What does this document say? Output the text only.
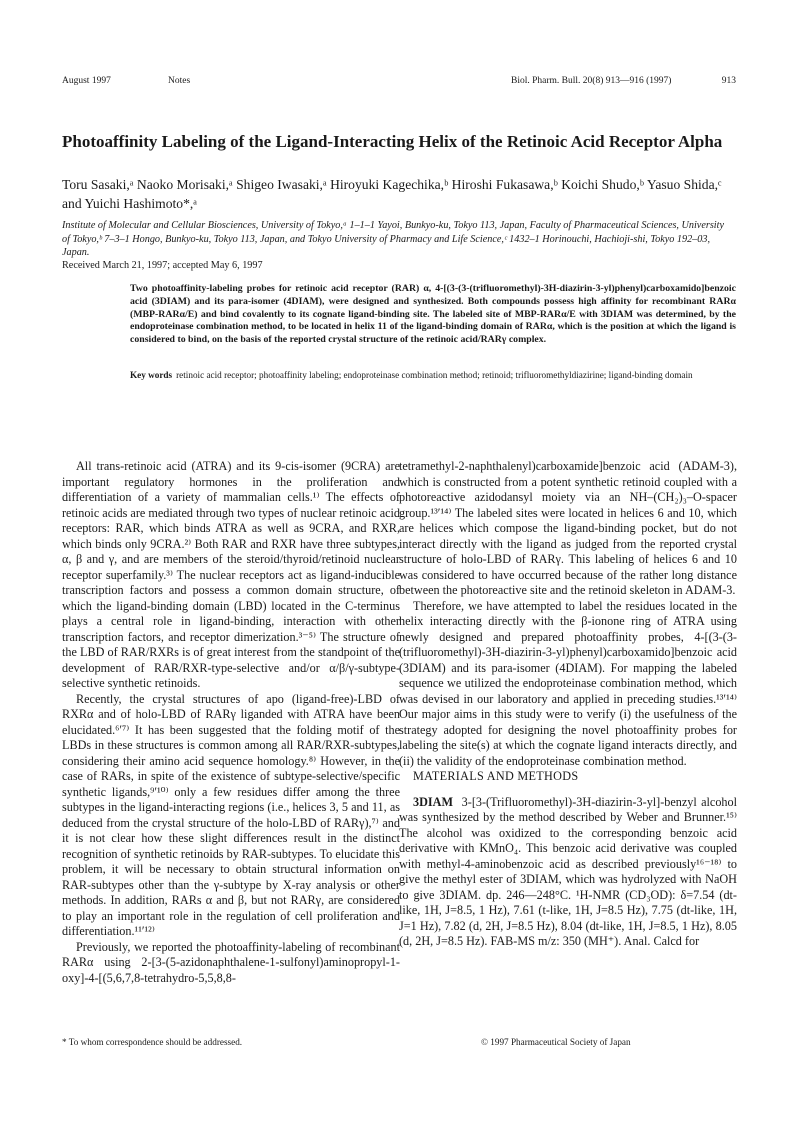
August 1997	Notes	Biol. Pharm. Bull. 20(8) 913—916 (1997)	913
Photoaffinity Labeling of the Ligand-Interacting Helix of the Retinoic Acid Receptor Alpha

Toru Sasaki,ᵃ Naoko Morisaki,ᵃ Shigeo Iwasaki,ᵃ Hiroyuki Kagechika,ᵇ Hiroshi Fukasawa,ᵇ Koichi Shudo,ᵇ Yasuo Shida,ᶜ and Yuichi Hashimoto*,ᵃ

Institute of Molecular and Cellular Biosciences, University of Tokyo,ᵃ 1–1–1 Yayoi, Bunkyo-ku, Tokyo 113, Japan, Faculty of Pharmaceutical Sciences, University of Tokyo,ᵇ 7–3–1 Hongo, Bunkyo-ku, Tokyo 113, Japan, and Tokyo University of Pharmacy and Life Science,ᶜ 1432–1 Horinouchi, Hachioji-shi, Tokyo 192–03, Japan.

Received March 21, 1997; accepted May 6, 1997

Two photoaffinity-labeling probes for retinoic acid receptor (RAR) α, 4-[(3-(3-(trifluoromethyl)-3H-diazirin-3-yl)phenyl)carboxamido]benzoic acid (3DIAM) and its para-isomer (4DIAM), were designed and synthesized. Both compounds possess high affinity for recombinant RARα (MBP-RARα/E) and bind covalently to its cognate ligand-binding site. The labeled site of MBP-RARα/E with 3DIAM was determined, by the endoproteinase combination method, to be located in helix 11 of the ligand-binding domain of RARα, which is the position at which the ligand is considered to bind, on the basis of the reported crystal structure of the retinoic acid/RARγ complex.

Key words retinoic acid receptor; photoaffinity labeling; endoproteinase combination method; retinoid; trifluoromethyldiazirine; ligand-binding domain

All trans-retinoic acid (ATRA) and its 9-cis-isomer (9CRA) are important regulatory hormones in the proliferation and differentiation of a variety of mammalian cells.¹⁾ The effects of retinoic acids are mediated through two types of nuclear retinoic acid receptors: RAR, which binds ATRA as well as 9CRA, and RXR, which binds only 9CRA.²⁾ Both RAR and RXR have three subtypes, α, β and γ, and are members of the steroid/thyroid/retinoid nuclear receptor superfamily.³⁾ The nuclear receptors act as ligand-inducible transcription factors and possess a common domain structure, of which the ligand-binding domain (LBD) located in the C-terminus plays a central role in ligand-binding, interaction with other transcription factors, and receptor dimerization.³⁻⁵⁾ The structure of the LBD of RAR/RXRs is of great interest from the standpoint of the development of RAR/RXR-type-selective and/or α/β/γ-subtype-selective synthetic retinoids.

Recently, the crystal structures of apo (ligand-free)-LBD of RXRα and of holo-LBD of RARγ liganded with ATRA have been elucidated.⁶ʹ⁷⁾ It has been suggested that the folding motif of the LBDs in these structures is common among all RAR/RXR-subtypes, considering their amino acid sequence homology.⁸⁾ However, in the case of RARs, in spite of the existence of subtype-selective/specific synthetic ligands,⁹ʹ¹⁰⁾ only a few residues differ among the three subtypes in the ligand-interacting regions (i.e., helices 3, 5 and 11, as deduced from the crystal structure of the holo-LBD of RARγ),⁷⁾ and it is not clear how these slight differences result in the distinct recognition of synthetic retinoids by RAR-subtypes. To elucidate this problem, it will be necessary to obtain structural information on RAR-subtypes other than the γ-subtype by X-ray analysis or other methods. In addition, RARs α and β, but not RARγ, are considered to play an important role in the regulation of cell proliferation and differentiation.¹¹ʹ¹²⁾

Previously, we reported the photoaffinity-labeling of recombinant RARα using 2-[3-(5-azidonaphthalene-1-sulfonyl)aminopropyl-1-oxy]-4-[(5,6,7,8-tetrahydro-5,5,8,8-

tetramethyl-2-naphthalenyl)carboxamide]benzoic acid (ADAM-3), which is constructed from a potent synthetic retinoid coupled with a photoreactive azidodansyl moiety via an NH–(CH₂)₃–O-spacer group.¹³ʹ¹⁴⁾ The labeled sites were located in helices 6 and 10, which are helices which compose the ligand-binding pocket, but do not interact directly with the ligand as judged from the reported crystal structure of holo-LBD of RARγ. This labeling of helices 6 and 10 was considered to have occurred because of the rather long distance between the photoreactive site and the retinoid skeleton in ADAM-3.

Therefore, we have attempted to label the residues located in the helix interacting directly with the β-ionone ring of ATRA using newly designed and prepared photoaffinity probes, 4-[(3-(3-(trifluoromethyl)-3H-diazirin-3-yl)phenyl)carboxamido]benzoic acid (3DIAM) and its para-isomer (4DIAM). For mapping the labeled sequence we utilized the endoproteinase combination method, which was devised in our laboratory and applied in preceding studies.¹³ʹ¹⁴⁾ Our major aims in this study were to verify (i) the usefulness of the strategy adopted for designing the novel photoaffinity probes for labeling the site(s) at which the cognate ligand interacts directly, and (ii) the validity of the endoproteinase combination method.

MATERIALS AND METHODS

3DIAM 3-[3-(Trifluoromethyl)-3H-diazirin-3-yl]-benzyl alcohol was synthesized by the method described by Weber and Brunner.¹⁵⁾ The alcohol was oxidized to the corresponding benzoic acid derivative with KMnO₄. This benzoic acid derivative was coupled with methyl-4-aminobenzoic acid as described previously¹⁶⁻¹⁸⁾ to give the methyl ester of 3DIAM, which was hydrolyzed with NaOH to give 3DIAM. dp. 246—248°C. ¹H-NMR (CD₃OD): δ=7.54 (dt-like, 1H, J=8.5, 1 Hz), 7.61 (t-like, 1H, J=8.5 Hz), 7.75 (dt-like, 1H, J=1 Hz), 7.82 (d, 2H, J=8.5 Hz), 8.04 (dt-like, 1H, J=8.5, 1 Hz), 8.05 (d, 2H, J=8.5 Hz). FAB-MS m/z: 350 (MH⁺). Anal. Calcd for

* To whom correspondence should be addressed.	© 1997 Pharmaceutical Society of Japan
